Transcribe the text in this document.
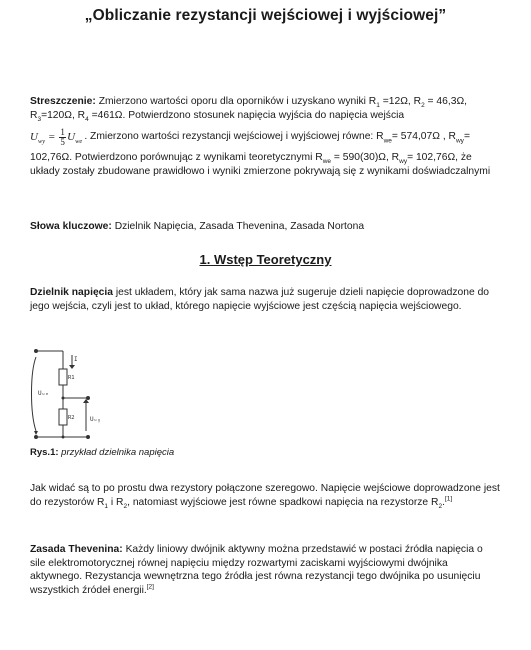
„Obliczanie rezystancji wejściowej i wyjściowej”
Streszczenie: Zmierzono wartości oporu dla oporników i uzyskano wyniki $R_1 =12\Omega$, $R_2 = 46,3\Omega$, $R_3=120\Omega$, $R_4 =461\Omega$. Potwierdzono stosunek napięcia wyjścia do napięcia wejścia
$U_{wy} = \frac{1}{5} U_{we}$ . Zmierzono wartości rezystancji wejściowej i wyjściowej równe: $R_{we}= 574,07\Omega$ , $R_{wy}= 102,76\Omega$. Potwierdzono porównując z wynikami teoretycznymi $R_{we} = 590(30)\Omega$, $R_{wy}= 102,76\Omega$, że układy zostały zbudowane prawidłowo i wyniki zmierzone pokrywają się z wynikami doświadczalnymi
Słowa kluczowe: Dzielnik Napięcia, Zasada Thevenina, Zasada Nortona
1. Wstęp Teoretyczny
Dzielnik napięcia jest układem, który jak sama nazwa już sugeruje dzieli napięcie doprowadzone do jego wejścia, czyli jest to układ, którego napięcie wyjściowe jest częścią napięcia wejściowego.
I
R1
R2
Uᵤₑ
Uᵤᵧ
Rys.1: przykład dzielnika napięcia
Jak widać są to po prostu dwa rezystory połączone szeregowo. Napięcie wejściowe doprowadzone jest do rezystorów $R_1$ i $R_2$, natomiast wyjściowe jest równe spadkowi napięcia na rezystorze $R_2.[1]$
Zasada Thevenina: Każdy liniowy dwójnik aktywny można przedstawić w postaci źródła napięcia o sile elektromotorycznej równej napięciu między rozwartymi zaciskami wyjściowymi dwójnika aktywnego. Rezystancja wewnętrzna tego źródła jest równa rezystancji tego dwójnika po usunięciu wszystkich źródeł energii.[2]
